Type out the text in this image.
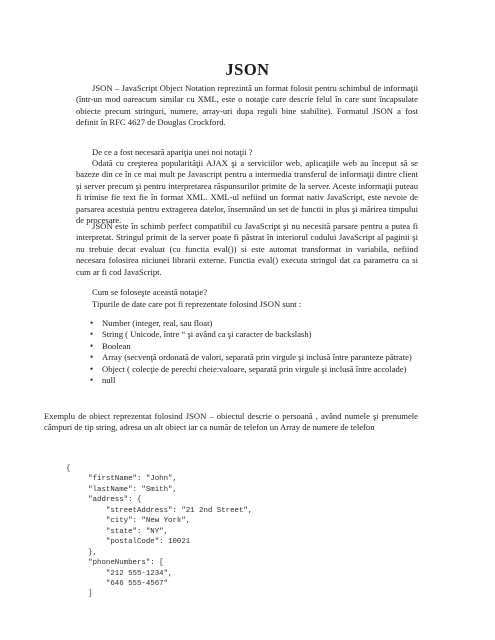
JSON

JSON – JavaScript Object Notation reprezintă un format folosit pentru schimbul de informaţii (într-un mod oareacum similar cu XML, este o notaţie care descrie felul în care sunt încapsulate obiecte precum stringuri, numere, array-uri dupa reguli bine stabilite). Formatul JSON a fost definit în RFC 4627 de Douglas Crockford.

De ce a fost necesară apariţia unei noi notaţii ?

Odată cu creşterea popularităţii AJAX şi a serviciilor web, aplicaţiile web au început să se bazeze din ce în ce mai mult pe Javascript pentru a intermedia transferul de informaţii dintre client şi server precum şi pentru interpretarea răspunsurilor primite de la server. Aceste informaţii puteau fi trimise fie text fie în format XML. XML-ul nefiind un format nativ JavaScript, este nevoie de parsarea acestuia pentru extragerea datelor, însemnând un set de functii in plus şi mărirea timpului de procesare.

JSON este în schimb perfect compatibil cu JavaScript şi nu necesită parsare pentru a putea fi interpretat. Stringul primit de la server poate fi păstrat în interiorul codului JavaScript al paginii şi nu trebuie decat evaluat (cu functia eval()) si este automat transformat in variabila, nefiind necesara folosirea niciunei librarii externe. Functia eval() executa stringul dat ca parametru ca si cum ar fi cod JavaScript.

Cum se foloseşte această notaţie?

Tipurile de date care pot fi reprezentate folosind JSON sunt :

• Number (integer, real, sau float)
• String ( Unicode, între “ şi având ca şi caracter de backslash)
• Boolean
• Array (secvenţă ordonată de valori, separată prin virgule şi inclusă între paranteze pătrate)
• Object ( colecţie de perechi cheie:valoare, separată prin virgule şi inclusă între accolade)
• null

Exemplu de obiect reprezentat folosind JSON – obiectul descrie o persoană , având numele şi prenumele câmpuri de tip string, adresa un alt obiect iar ca număr de telefon un Array de numere de telefon

{
"firstName": "John",
"lastName": "Smith",
"address": {
"streetAddress": "21 2nd Street",
"city": "New York",
"state": "NY",
"postalCode": 10021
},
"phoneNumbers": [
"212 555-1234",
"646 555-4567"
]
